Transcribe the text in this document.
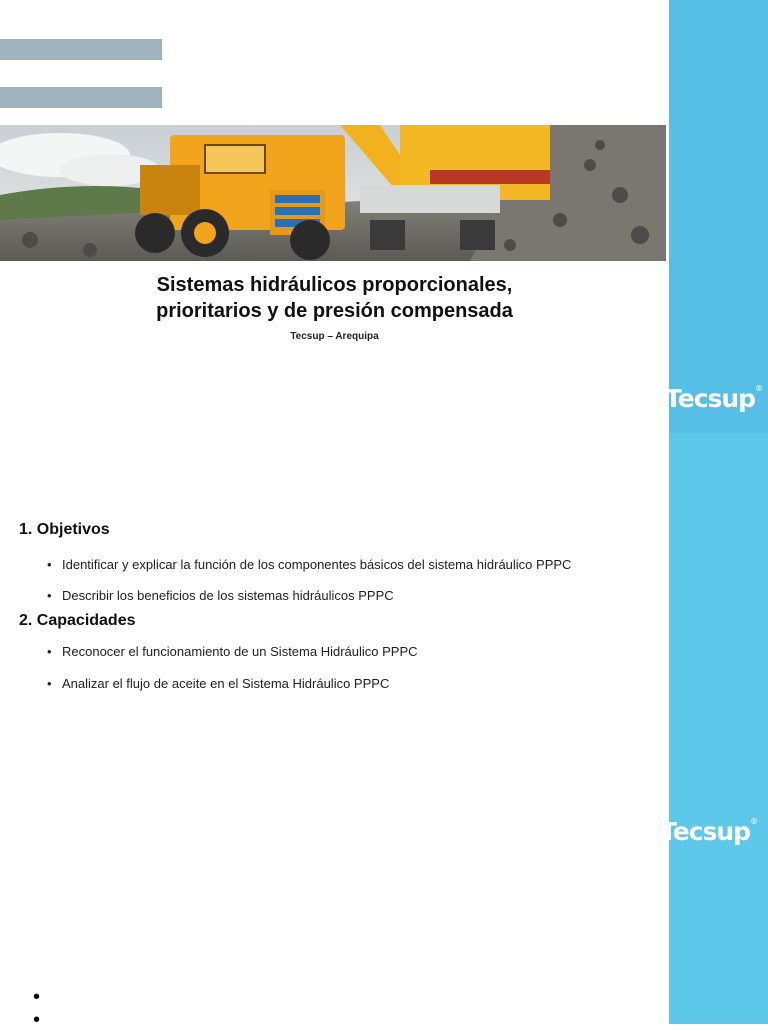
Tecsup®
Tecsup®
Sistemas hidráulicos proporcionales,
prioritarios y de presión compensada
Tecsup – Arequipa
1. Objetivos
• Identificar y explicar la función de los componentes básicos del sistema hidráulico PPPC
• Describir los beneficios de los sistemas hidráulicos PPPC
2. Capacidades
• Reconocer el funcionamiento de un Sistema Hidráulico PPPC
• Analizar el flujo de aceite en el Sistema Hidráulico PPPC
•
•
